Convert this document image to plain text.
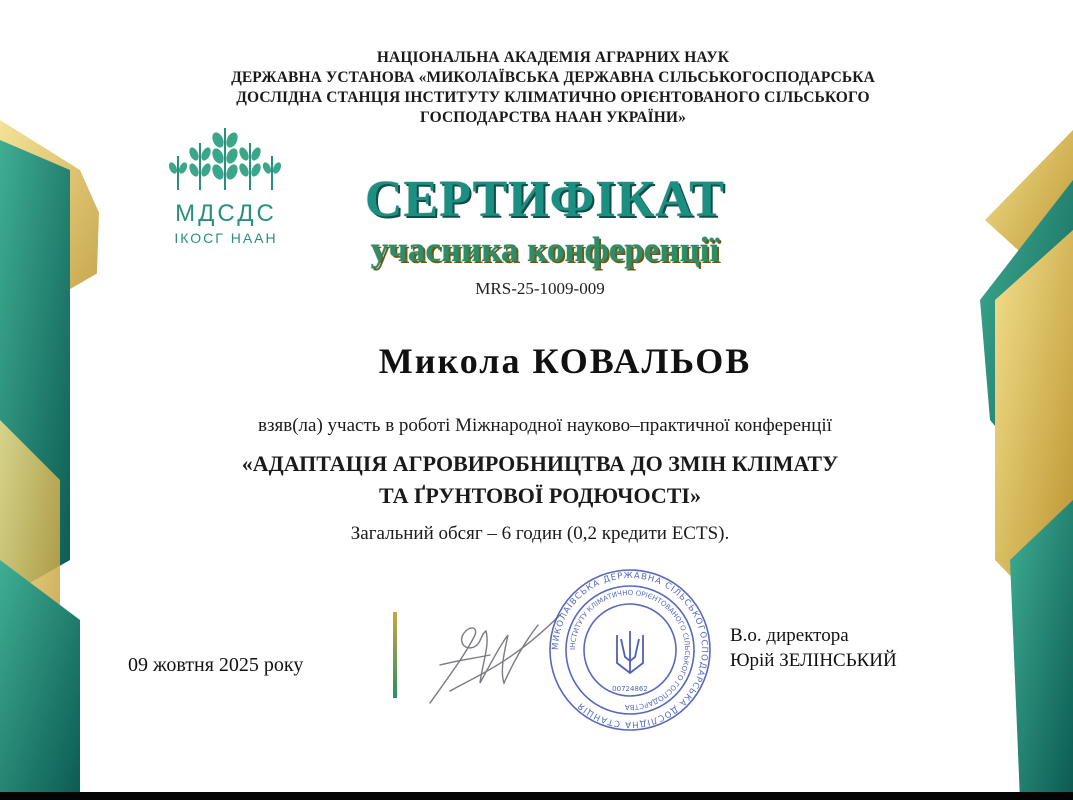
НАЦІОНАЛЬНА АКАДЕМІЯ АГРАРНИХ НАУК
ДЕРЖАВНА УСТАНОВА «МИКОЛАЇВСЬКА ДЕРЖАВНА СІЛЬСЬКОГОСПОДАРСЬКА
ДОСЛІДНА СТАНЦІЯ ІНСТИТУТУ КЛІМАТИЧНО ОРІЄНТОВАНОГО СІЛЬСЬКОГО
ГОСПОДАРСТВА НААН УКРАЇНИ»
МДСДС
ІКОСГ НААН
СЕРТИФІКАТ
учасника конференції
MRS-25-1009-009
Микола КОВАЛЬОВ
взяв(ла) участь в роботі Міжнародної науково–практичної конференції
«АДАПТАЦІЯ АГРОВИРОБНИЦТВА ДО ЗМІН КЛІМАТУ
ТА ҐРУНТОВОЇ РОДЮЧОСТІ»
Загальний обсяг – 6 годин (0,2 кредити ECTS).
09 жовтня 2025 року
МИКОЛАЇВСЬКА ДЕРЖАВНА СІЛЬСЬКОГОСПОДАРСЬКА ДОСЛІДНА СТАНЦІЯ
ІНСТИТУТУ КЛІМАТИЧНО ОРІЄНТОВАНОГО СІЛЬСЬКОГО ГОСПОДАРСТВА
00724862
В.о. директора
Юрій ЗЕЛІНСЬКИЙ
